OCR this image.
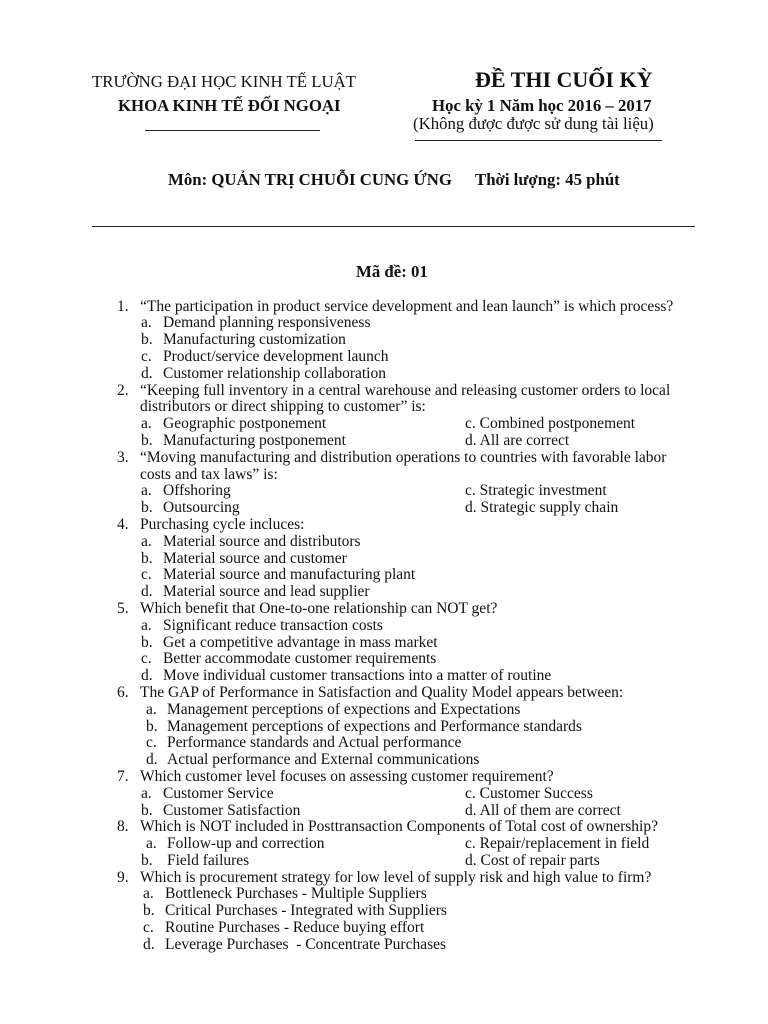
TRƯỜNG ĐẠI HỌC KINH TẾ LUẬT
KHOA KINH TẾ ĐỐI NGOẠI
ĐỀ THI CUỐI KỲ
Học kỳ 1 Năm học 2016 – 2017
(Không được được sử dung tài liệu)
Môn: QUẢN TRỊ CHUỖI CUNG ỨNG Thời lượng: 45 phút
Mã đề: 01
1. “The participation in product service development and lean launch” is which process?
a. Demand planning responsiveness
b. Manufacturing customization
c. Product/service development launch
d. Customer relationship collaboration
2. “Keeping full inventory in a central warehouse and releasing customer orders to local
distributors or direct shipping to customer” is:
a. Geographic postponement	c. Combined postponement
b. Manufacturing postponement	d. All are correct
3. “Moving manufacturing and distribution operations to countries with favorable labor
costs and tax laws” is:
a. Offshoring	c. Strategic investment
b. Outsourcing	d. Strategic supply chain
4. Purchasing cycle incluces:
a. Material source and distributors
b. Material source and customer
c. Material source and manufacturing plant
d. Material source and lead supplier
5. Which benefit that One-to-one relationship can NOT get?
a. Significant reduce transaction costs
b. Get a competitive advantage in mass market
c. Better accommodate customer requirements
d. Move individual customer transactions into a matter of routine
6. The GAP of Performance in Satisfaction and Quality Model appears between:
a. Management perceptions of expections and Expectations
b. Management perceptions of expections and Performance standards
c. Performance standards and Actual performance
d. Actual performance and External communications
7. Which customer level focuses on assessing customer requirement?
a. Customer Service	c. Customer Success
b. Customer Satisfaction	d. All of them are correct
8. Which is NOT included in Posttransaction Components of Total cost of ownership?
a. Follow-up and correction	c. Repair/replacement in field
b. Field failures	d. Cost of repair parts
9. Which is procurement strategy for low level of supply risk and high value to firm?
a. Bottleneck Purchases - Multiple Suppliers
b. Critical Purchases - Integrated with Suppliers
c. Routine Purchases - Reduce buying effort
d. Leverage Purchases  - Concentrate Purchases
